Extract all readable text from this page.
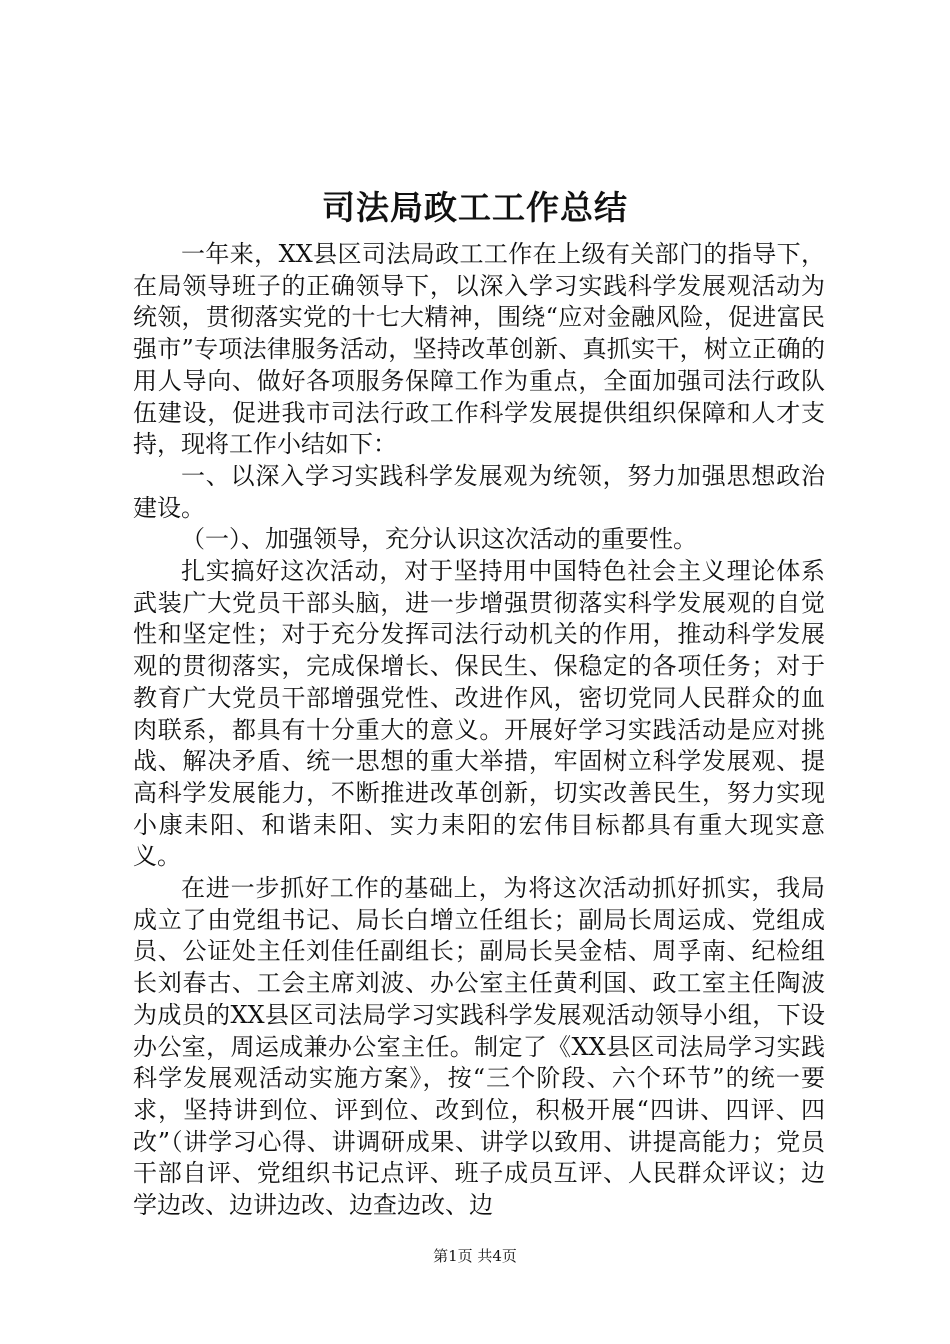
司法局政工工作总结

一年来，XX县区司法局政工工作在上级有关部门的指导下，在局领导班子的正确领导下，以深入学习实践科学发展观活动为统领，贯彻落实党的十七大精神，围绕“应对金融风险，促进富民强市”专项法律服务活动，坚持改革创新、真抓实干，树立正确的用人导向、做好各项服务保障工作为重点，全面加强司法行政队伍建设，促进我市司法行政工作科学发展提供组织保障和人才支持，现将工作小结如下：

一、以深入学习实践科学发展观为统领，努力加强思想政治建设。

（一）、加强领导，充分认识这次活动的重要性。

扎实搞好这次活动，对于坚持用中国特色社会主义理论体系武装广大党员干部头脑，进一步增强贯彻落实科学发展观的自觉性和坚定性；对于充分发挥司法行动机关的作用，推动科学发展观的贯彻落实，完成保增长、保民生、保稳定的各项任务；对于教育广大党员干部增强党性、改进作风，密切党同人民群众的血肉联系，都具有十分重大的意义。开展好学习实践活动是应对挑战、解决矛盾、统一思想的重大举措，牢固树立科学发展观、提高科学发展能力，不断推进改革创新，切实改善民生，努力实现小康耒阳、和谐耒阳、实力耒阳的宏伟目标都具有重大现实意义。

在进一步抓好工作的基础上，为将这次活动抓好抓实，我局成立了由党组书记、局长白增立任组长；副局长周运成、党组成员、公证处主任刘佳任副组长；副局长吴金桔、周孚南、纪检组长刘春古、工会主席刘波、办公室主任黄利国、政工室主任陶波为成员的XX县区司法局学习实践科学发展观活动领导小组，下设办公室，周运成兼办公室主任。制定了《XX县区司法局学习实践科学发展观活动实施方案》，按“三个阶段、六个环节”的统一要求，坚持讲到位、评到位、改到位，积极开展“四讲、四评、四改”（讲学习心得、讲调研成果、讲学以致用、讲提高能力；党员干部自评、党组织书记点评、班子成员互评、人民群众评议；边学边改、边讲边改、边查边改、边

第1页 共4页
